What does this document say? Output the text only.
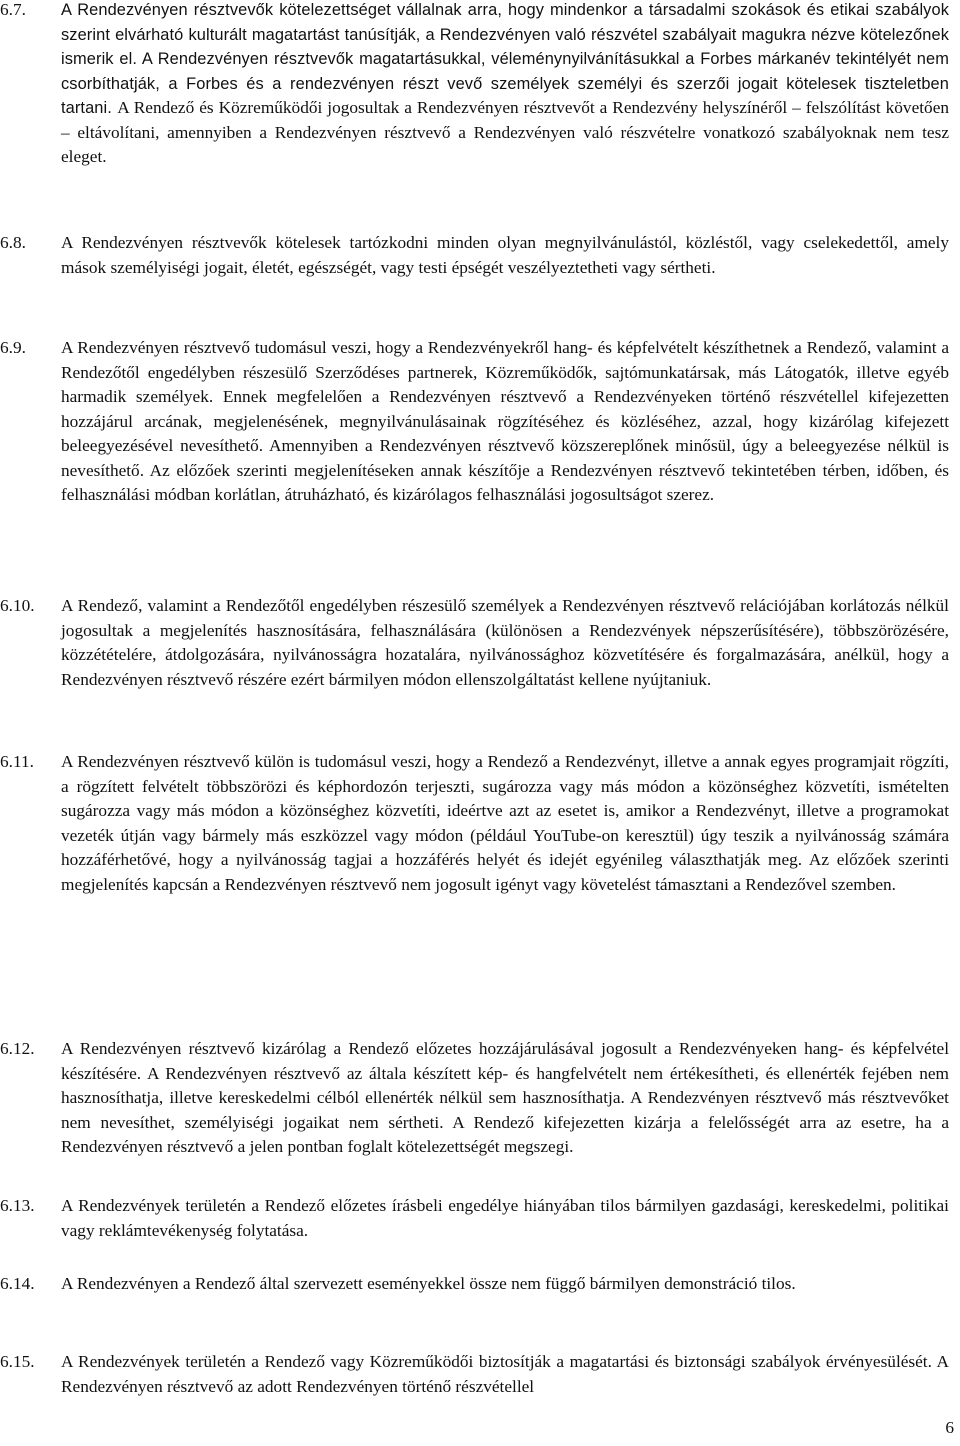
6.7.	A Rendezvényen résztvevők kötelezettséget vállalnak arra, hogy mindenkor a társadalmi szokások és etikai szabályok szerint elvárható kulturált magatartást tanúsítják, a Rendezvényen való részvétel szabályait magukra nézve kötelezőnek ismerik el. A Rendezvényen résztvevők magatartásukkal, véleménynyilvánításukkal a Forbes márkanév tekintélyét nem csorbíthatják, a Forbes és a rendezvényen részt vevő személyek személyi és szerzői jogait kötelesek tiszteletben tartani. A Rendező és Közreműködői jogosultak a Rendezvényen résztvevőt a Rendezvény helyszínéről ‒ felszólítást követően ‒ eltávolítani, amennyiben a Rendezvényen résztvevő a Rendezvényen való részvételre vonatkozó szabályoknak nem tesz eleget.
6.8.	A Rendezvényen résztvevők kötelesek tartózkodni minden olyan megnyilvánulástól, közléstől, vagy cselekedettől, amely mások személyiségi jogait, életét, egészségét, vagy testi épségét veszélyeztetheti vagy sértheti.
6.9.	A Rendezvényen résztvevő tudomásul veszi, hogy a Rendezvényekről hang- és képfelvételt készíthetnek a Rendező, valamint a Rendezőtől engedélyben részesülő Szerződéses partnerek, Közreműködők, sajtómunkatársak, más Látogatók, illetve egyéb harmadik személyek. Ennek megfelelően a Rendezvényen résztvevő a Rendezvényeken történő részvétellel kifejezetten hozzájárul arcának, megjelenésének, megnyilvánulásainak rögzítéséhez és közléséhez, azzal, hogy kizárólag kifejezett beleegyezésével nevesíthető. Amennyiben a Rendezvényen résztvevő közszereplőnek minősül, úgy a beleegyezése nélkül is nevesíthető. Az előzőek szerinti megjelenítéseken annak készítője a Rendezvényen résztvevő tekintetében térben, időben, és felhasználási módban korlátlan, átruházható, és kizárólagos felhasználási jogosultságot szerez.
6.10.	A Rendező, valamint a Rendezőtől engedélyben részesülő személyek a Rendezvényen résztvevő relációjában korlátozás nélkül jogosultak a megjelenítés hasznosítására, felhasználására (különösen a Rendezvények népszerűsítésére), többszörözésére, közzétételére, átdolgozására, nyilvánosságra hozatalára, nyilvánossághoz közvetítésére és forgalmazására, anélkül, hogy a Rendezvényen résztvevő részére ezért bármilyen módon ellenszolgáltatást kellene nyújtaniuk.
6.11.	A Rendezvényen résztvevő külön is tudomásul veszi, hogy a Rendező a Rendezvényt, illetve a annak egyes programjait rögzíti, a rögzített felvételt többszörözi és képhordozón terjeszti, sugározza vagy más módon a közönséghez közvetíti, ismételten sugározza vagy más módon a közönséghez közvetíti, ideértve azt az esetet is, amikor a Rendezvényt, illetve a programokat vezeték útján vagy bármely más eszközzel vagy módon (például YouTube-on keresztül) úgy teszik a nyilvánosság számára hozzáférhetővé, hogy a nyilvánosság tagjai a hozzáférés helyét és idejét egyénileg választhatják meg. Az előzőek szerinti megjelenítés kapcsán a Rendezvényen résztvevő nem jogosult igényt vagy követelést támasztani a Rendezővel szemben.
6.12.	A Rendezvényen résztvevő kizárólag a Rendező előzetes hozzájárulásával jogosult a Rendezvényeken hang- és képfelvétel készítésére. A Rendezvényen résztvevő az általa készített kép- és hangfelvételt nem értékesítheti, és ellenérték fejében nem hasznosíthatja, illetve kereskedelmi célból ellenérték nélkül sem hasznosíthatja. A Rendezvényen résztvevő más résztvevőket nem nevesíthet, személyiségi jogaikat nem sértheti. A Rendező kifejezetten kizárja a felelősségét arra az esetre, ha a Rendezvényen résztvevő a jelen pontban foglalt kötelezettségét megszegi.
6.13.	A Rendezvények területén a Rendező előzetes írásbeli engedélye hiányában tilos bármilyen gazdasági, kereskedelmi, politikai vagy reklámtevékenység folytatása.
6.14.	A Rendezvényen a Rendező által szervezett eseményekkel össze nem függő bármilyen demonstráció tilos.
6.15.	A Rendezvények területén a Rendező vagy Közreműködői biztosítják a magatartási és biztonsági szabályok érvényesülését. A Rendezvényen résztvevő az adott Rendezvényen történő részvétellel
6
